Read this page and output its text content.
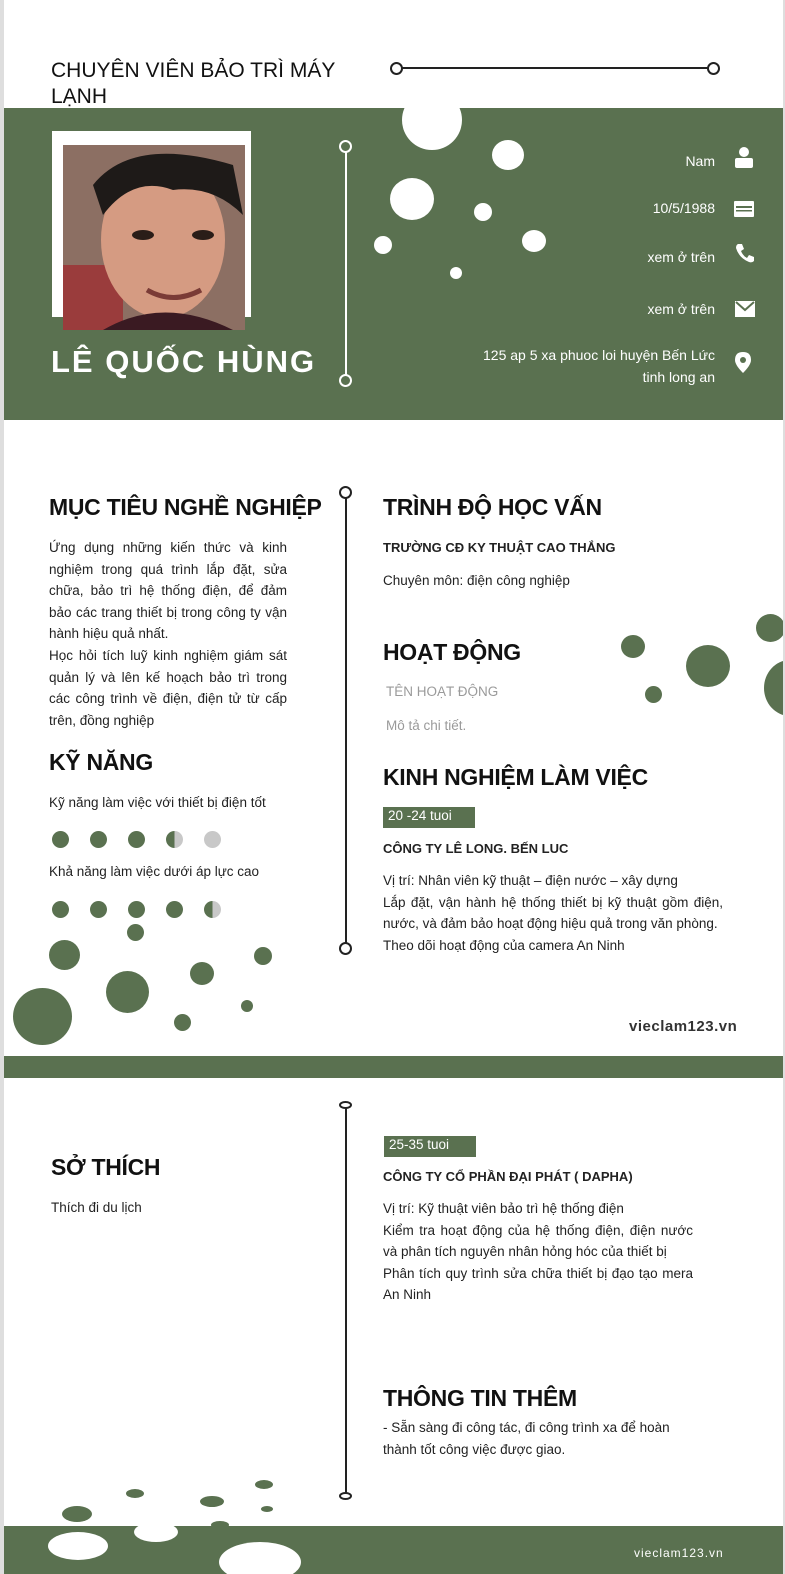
CHUYÊN VIÊN BẢO TRÌ MÁY
LẠNH
LÊ QUỐC HÙNG
Nam
10/5/1988
xem ở trên
xem ở trên
125 ap 5 xa phuoc loi huyện Bến Lức
tinh long an
MỤC TIÊU NGHỀ NGHIỆP
Ứng dụng những kiến thức và kinh nghiệm trong quá trình lắp đặt, sửa chữa, bảo trì hệ thống điện, để đảm bảo các trang thiết bị trong công ty vận hành hiệu quả nhất.
Học hỏi tích luỹ kinh nghiệm giám sát quản lý và lên kế hoạch bảo trì trong các công trình về điện, điện tử từ cấp trên, đồng nghiệp
KỸ NĂNG
Kỹ năng làm việc với thiết bị điện tốt
Khả năng làm việc dưới áp lực cao
TRÌNH ĐỘ HỌC VẤN
TRƯỜNG CĐ KY THUẬT CAO THẮNG
Chuyên môn: điện công nghiệp
HOẠT ĐỘNG
TÊN HOẠT ĐỘNG
Mô tả chi tiết.
KINH NGHIỆM LÀM VIỆC
20 -24 tuoi
CÔNG TY LÊ LONG. BẾN LUC
Vị trí: Nhân viên kỹ thuật – điện nước – xây dựng
Lắp đặt, vận hành hệ thống thiết bị kỹ thuật gồm điện, nước, và đảm bảo hoạt động hiệu quả trong văn phòng.
Theo dõi hoạt động của camera An Ninh
vieclam123.vn
SỞ THÍCH
Thích đi du lịch
25-35 tuoi
CÔNG TY CỔ PHẦN ĐẠI PHÁT ( DAPHA)
Vị trí: Kỹ thuật viên bảo trì hệ thống điện
Kiểm tra hoạt động của hệ thống điện, điện nước và phân tích nguyên nhân hỏng hóc của thiết bị
Phân tích quy trình sửa chữa thiết bị đạo tạo mera An Ninh
THÔNG TIN THÊM
- Sẵn sàng đi công tác, đi công trình xa để hoàn thành tốt công việc được giao.
vieclam123.vn
